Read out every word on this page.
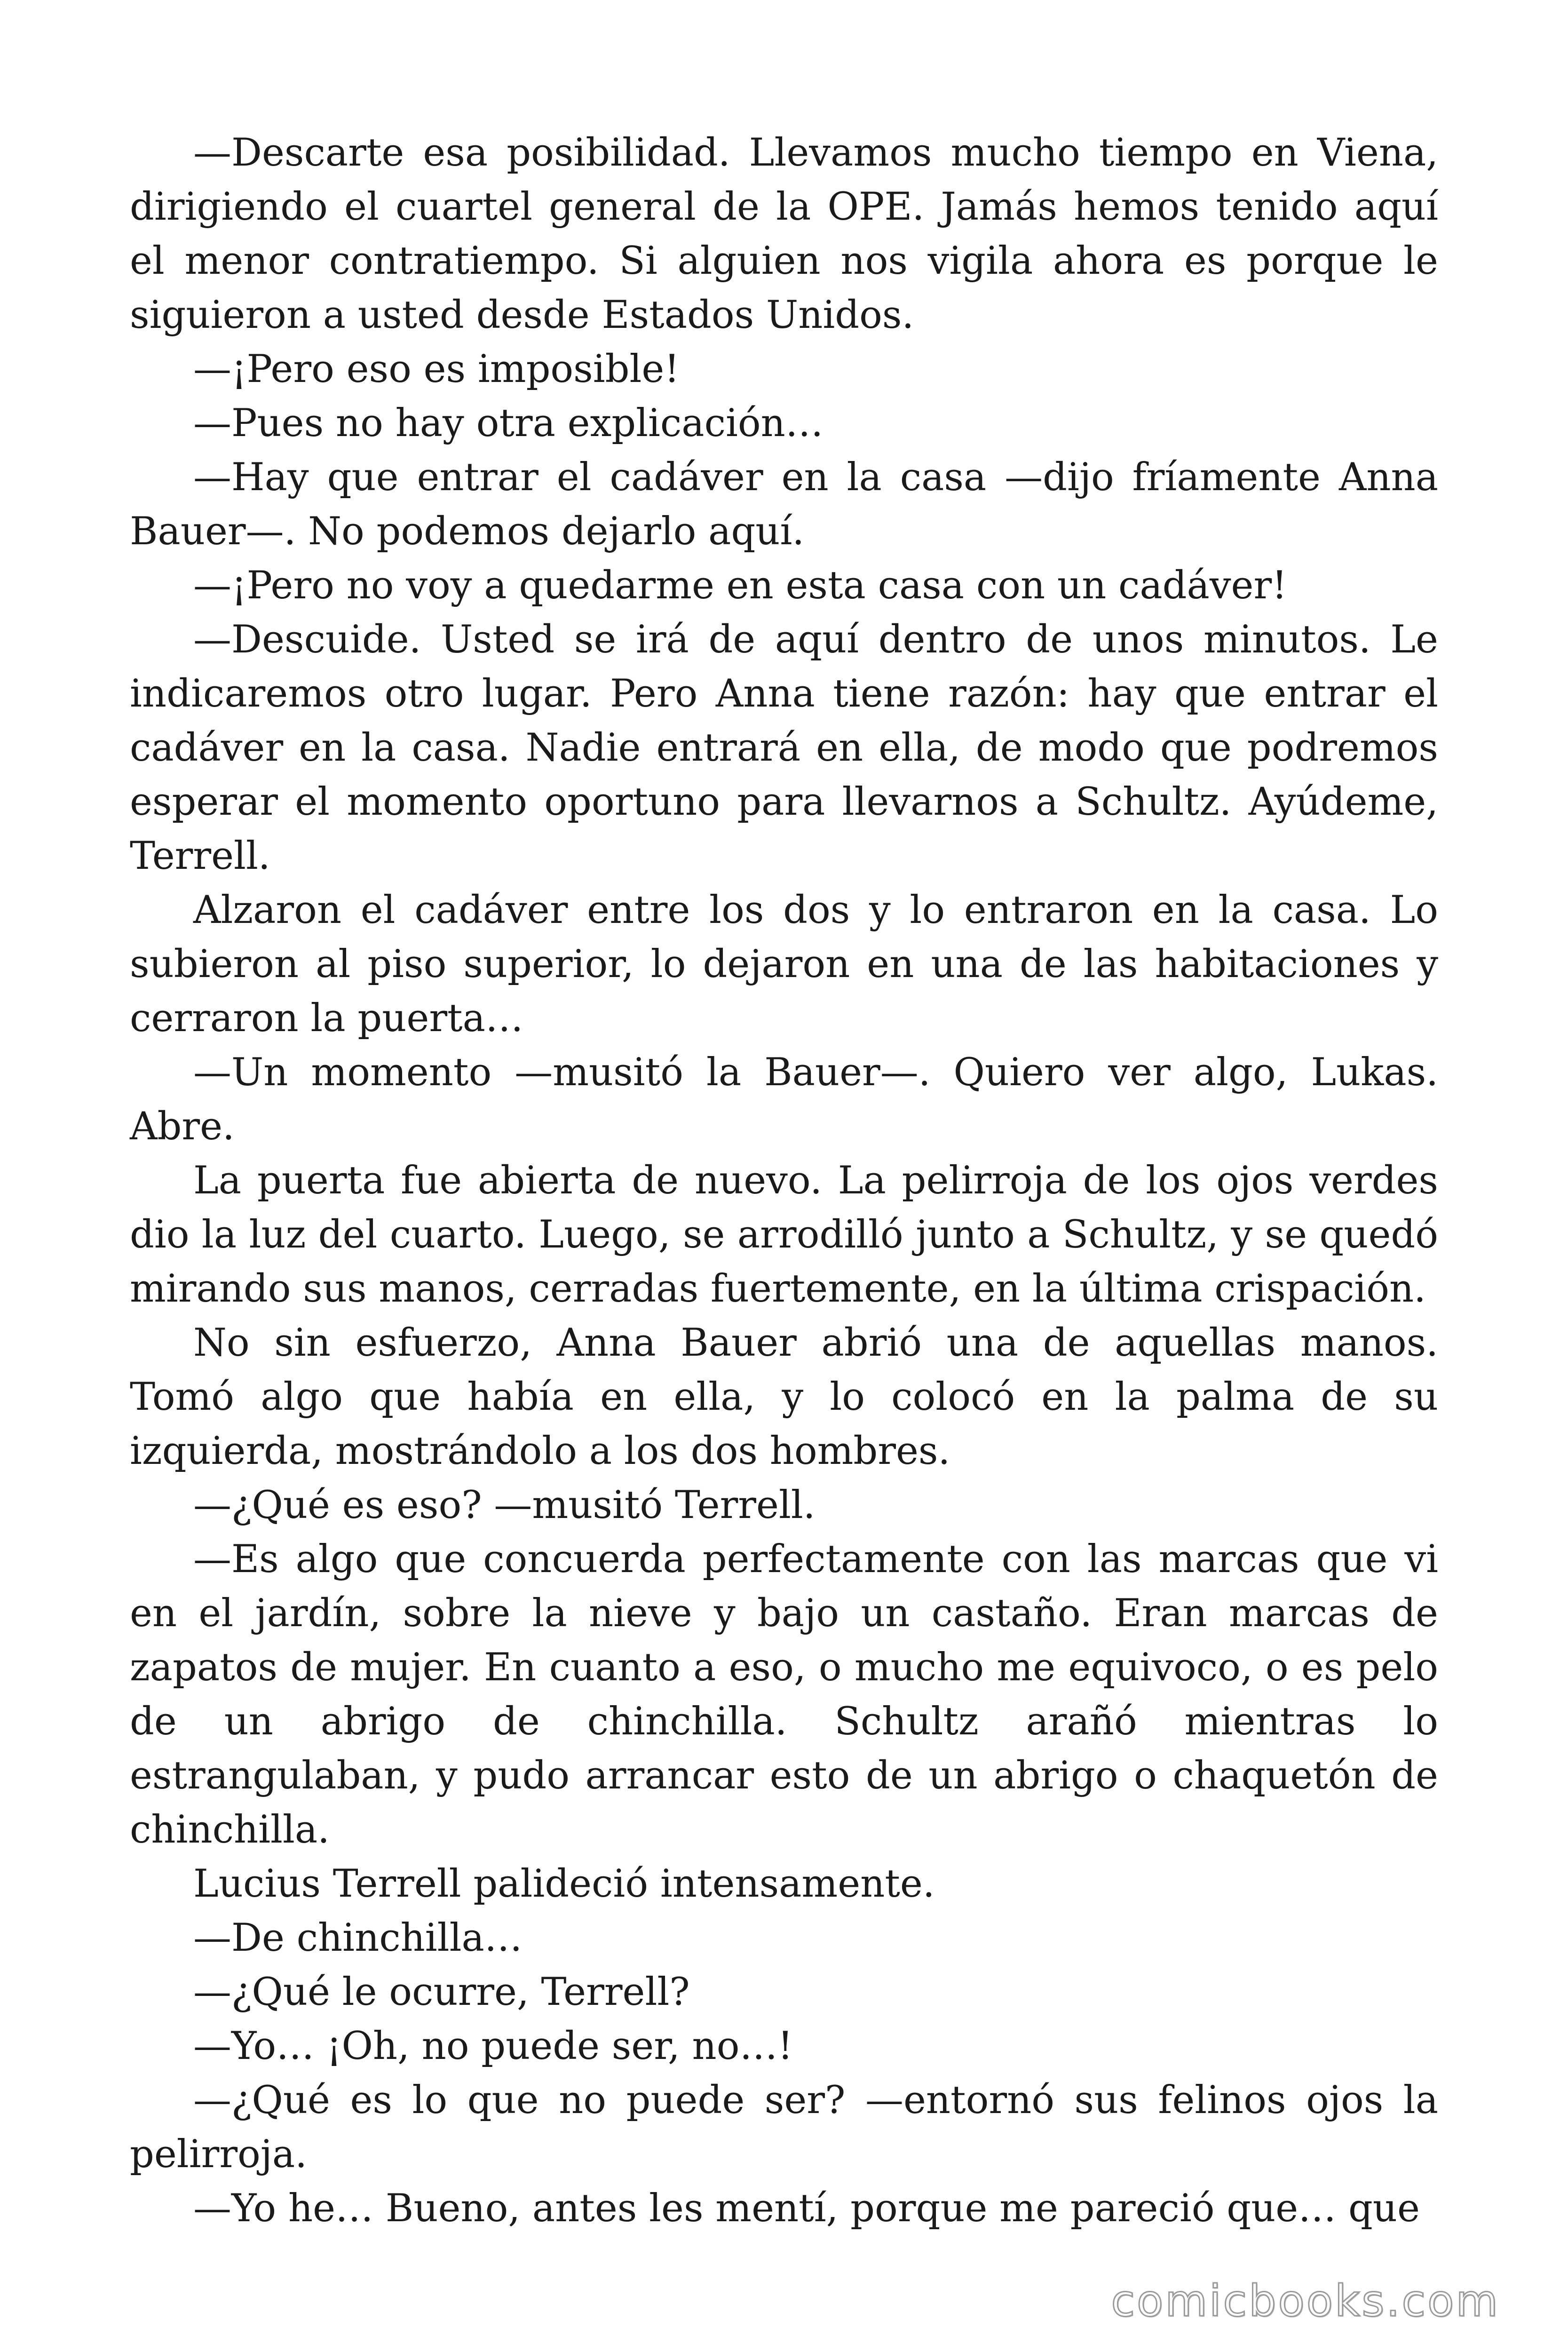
—Descarte esa posibilidad. Llevamos mucho tiempo en Viena, dirigiendo el cuartel general de la OPE. Jamás hemos tenido aquí el menor contratiempo. Si alguien nos vigila ahora es porque le siguieron a usted desde Estados Unidos.

—¡Pero eso es imposible!

—Pues no hay otra explicación…

—Hay que entrar el cadáver en la casa —dijo fríamente Anna Bauer—. No podemos dejarlo aquí.

—¡Pero no voy a quedarme en esta casa con un cadáver!

—Descuide. Usted se irá de aquí dentro de unos minutos. Le indicaremos otro lugar. Pero Anna tiene razón: hay que entrar el cadáver en la casa. Nadie entrará en ella, de modo que podremos esperar el momento oportuno para llevarnos a Schultz. Ayúdeme, Terrell.

Alzaron el cadáver entre los dos y lo entraron en la casa. Lo subieron al piso superior, lo dejaron en una de las habitaciones y cerraron la puerta…

—Un momento —musitó la Bauer—. Quiero ver algo, Lukas. Abre.

La puerta fue abierta de nuevo. La pelirroja de los ojos verdes dio la luz del cuarto. Luego, se arrodilló junto a Schultz, y se quedó mirando sus manos, cerradas fuertemente, en la última crispación.

No sin esfuerzo, Anna Bauer abrió una de aquellas manos. Tomó algo que había en ella, y lo colocó en la palma de su izquierda, mostrándolo a los dos hombres.

—¿Qué es eso? —musitó Terrell.

—Es algo que concuerda perfectamente con las marcas que vi en el jardín, sobre la nieve y bajo un castaño. Eran marcas de zapatos de mujer. En cuanto a eso, o mucho me equivoco, o es pelo de un abrigo de chinchilla. Schultz arañó mientras lo estrangulaban, y pudo arrancar esto de un abrigo o chaquetón de chinchilla.

Lucius Terrell palideció intensamente.

—De chinchilla…

—¿Qué le ocurre, Terrell?

—Yo… ¡Oh, no puede ser, no…!

—¿Qué es lo que no puede ser? —entornó sus felinos ojos la pelirroja.

—Yo he… Bueno, antes les mentí, porque me pareció que… que

comicbooks.com
